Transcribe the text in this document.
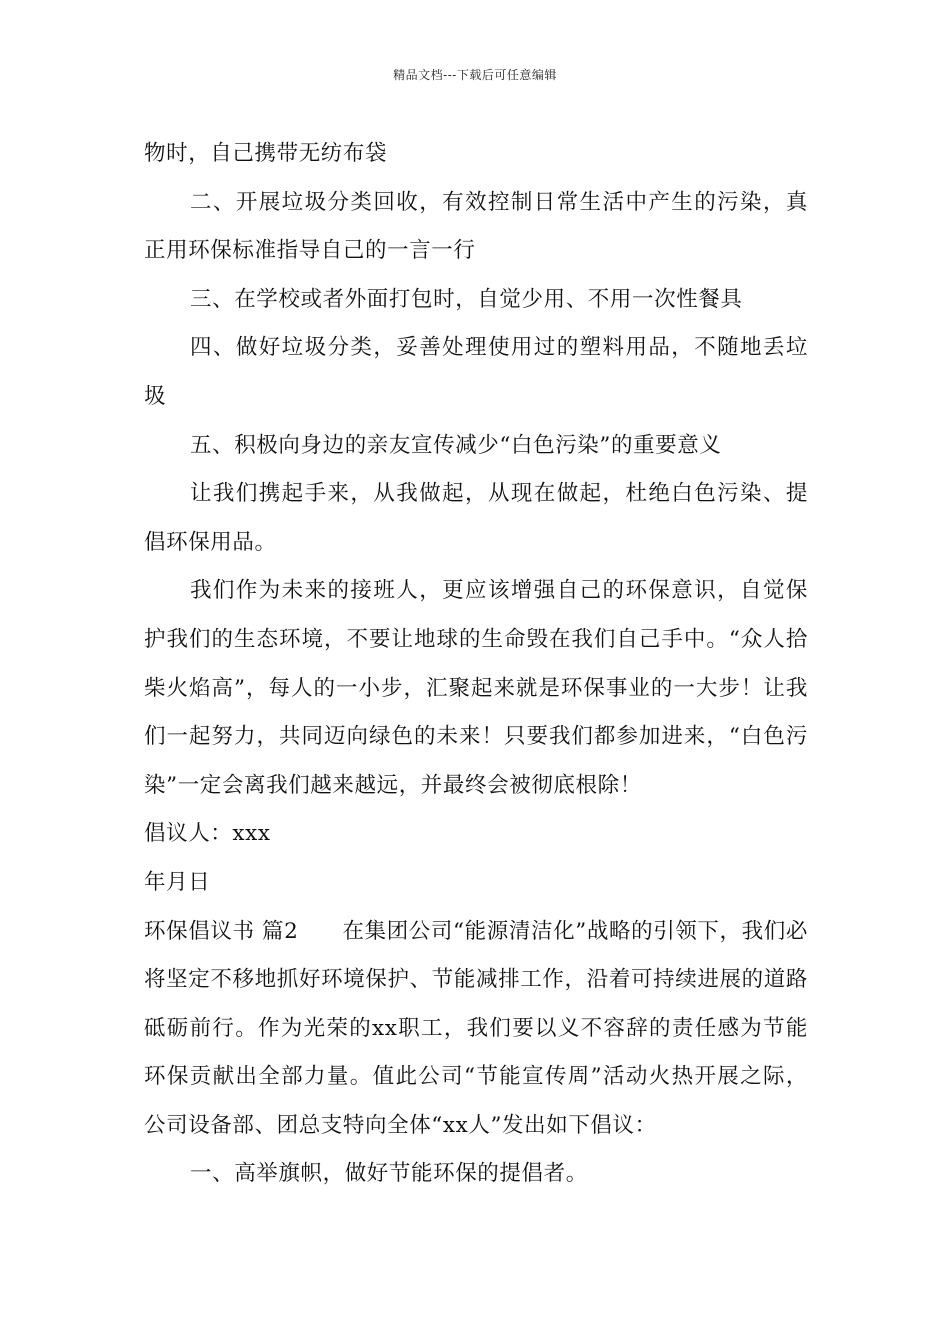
精品文档---下载后可任意编辑

物时，自己携带无纺布袋

二、开展垃圾分类回收，有效控制日常生活中产生的污染，真正用环保标准指导自己的一言一行

三、在学校或者外面打包时，自觉少用、不用一次性餐具

四、做好垃圾分类，妥善处理使用过的塑料用品，不随地丢垃圾

五、积极向身边的亲友宣传减少“白色污染”的重要意义

让我们携起手来，从我做起，从现在做起，杜绝白色污染、提倡环保用品。

我们作为未来的接班人，更应该增强自己的环保意识，自觉保护我们的生态环境，不要让地球的生命毁在我们自己手中。“众人拾柴火焰高”，每人的一小步，汇聚起来就是环保事业的一大步！让我们一起努力，共同迈向绿色的未来！只要我们都参加进来，“白色污染”一定会离我们越来越远，并最终会被彻底根除！

倡议人：xxx

年月日

环保倡议书 篇2 在集团公司“能源清洁化”战略的引领下，我们必将坚定不移地抓好环境保护、节能减排工作，沿着可持续进展的道路砥砺前行。作为光荣的xx职工，我们要以义不容辞的责任感为节能环保贡献出全部力量。值此公司“节能宣传周”活动火热开展之际，公司设备部、团总支特向全体“xx人”发出如下倡议：

一、高举旗帜，做好节能环保的提倡者。
